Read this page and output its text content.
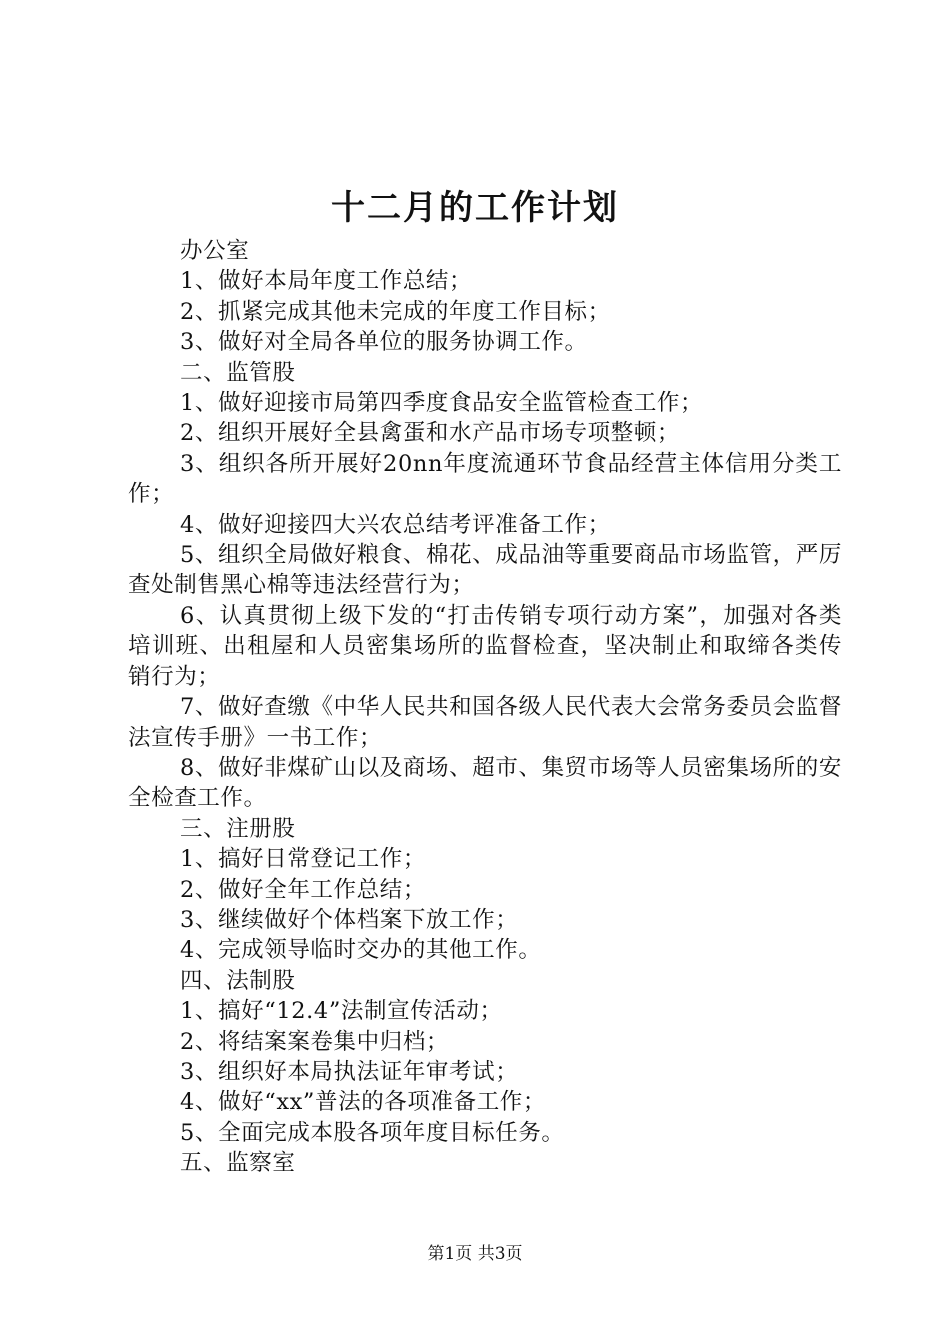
十二月的工作计划

办公室

1、做好本局年度工作总结；

2、抓紧完成其他未完成的年度工作目标；

3、做好对全局各单位的服务协调工作。

二、监管股

1、做好迎接市局第四季度食品安全监管检查工作；

2、组织开展好全县禽蛋和水产品市场专项整顿；

3、组织各所开展好20nn年度流通环节食品经营主体信用分类工作；

4、做好迎接四大兴农总结考评准备工作；

5、组织全局做好粮食、棉花、成品油等重要商品市场监管，严厉查处制售黑心棉等违法经营行为；

6、认真贯彻上级下发的“打击传销专项行动方案”，加强对各类培训班、出租屋和人员密集场所的监督检查，坚决制止和取缔各类传销行为；

7、做好查缴《中华人民共和国各级人民代表大会常务委员会监督法宣传手册》一书工作；

8、做好非煤矿山以及商场、超市、集贸市场等人员密集场所的安全检查工作。

三、注册股

1、搞好日常登记工作；

2、做好全年工作总结；

3、继续做好个体档案下放工作；

4、完成领导临时交办的其他工作。

四、法制股

1、搞好“12.4”法制宣传活动；

2、将结案案卷集中归档；

3、组织好本局执法证年审考试；

4、做好“xx”普法的各项准备工作；

5、全面完成本股各项年度目标任务。

五、监察室

第1页 共3页
